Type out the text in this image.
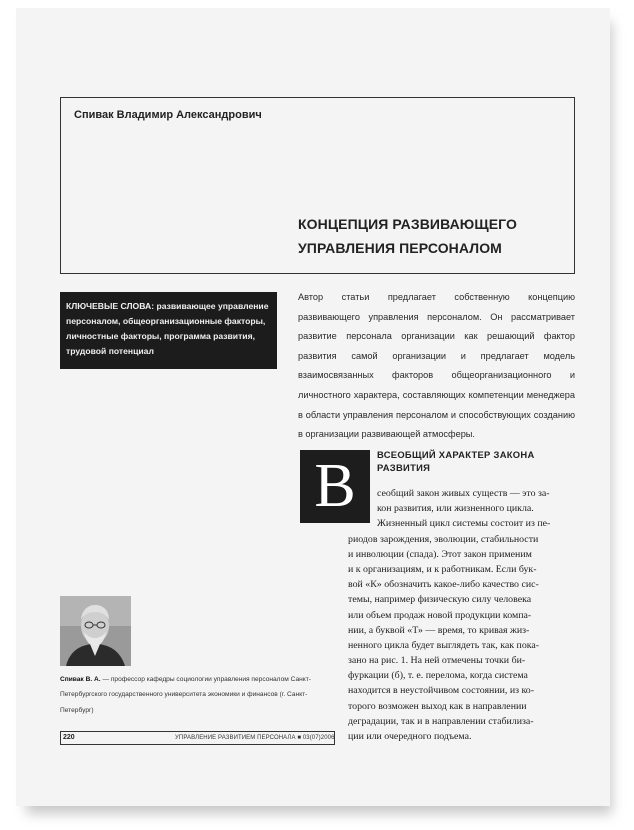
Спивак Владимир Александрович
КОНЦЕПЦИЯ РАЗВИВАЮЩЕГО
УПРАВЛЕНИЯ ПЕРСОНАЛОМ
КЛЮЧЕВЫЕ СЛОВА: развивающее управление персоналом, общеорганизационные факторы, личностные факторы, программа развития, трудовой потенциал
Автор статьи предлагает собственную концепцию развивающего управления персоналом. Он рассматривает развитие персонала организации как решающий фактор развития самой организации и предлагает модель взаимосвязанных факторов общеорганизационного и личностного характера, составляющих компетенции менеджера в области управления персоналом и способствующих созданию в организации развивающей атмосферы.
ВСЕОБЩИЙ ХАРАКТЕР ЗАКОНА РАЗВИТИЯ
В	сеобщий закон живых существ — это за-
кон развития, или жизненного цикла.
Жизненный цикл системы состоит из пе-
риодов зарождения, эволюции, стабильности
и инволюции (спада). Этот закон применим
и к организациям, и к работникам. Если бук-
вой «К» обозначить какое-либо качество сис-
темы, например физическую силу человека
или объем продаж новой продукции компа-
нии, а буквой «Т» — время, то кривая жиз-
ненного цикла будет выглядеть так, как пока-
зано на рис. 1. На ней отмечены точки би-
фуркации (б), т. е. перелома, когда система
находится в неустойчивом состоянии, из ко-
торого возможен выход как в направлении
деградации, так и в направлении стабилиза-
ции или очередного подъема.
Спивак В. А. — профессор кафедры социологии управления персоналом Санкт-Петербургского государственного университета экономики и финансов (г. Санкт-Петербург)
220	УПРАВЛЕНИЕ РАЗВИТИЕМ ПЕРСОНАЛА ■ 03(07)2006
